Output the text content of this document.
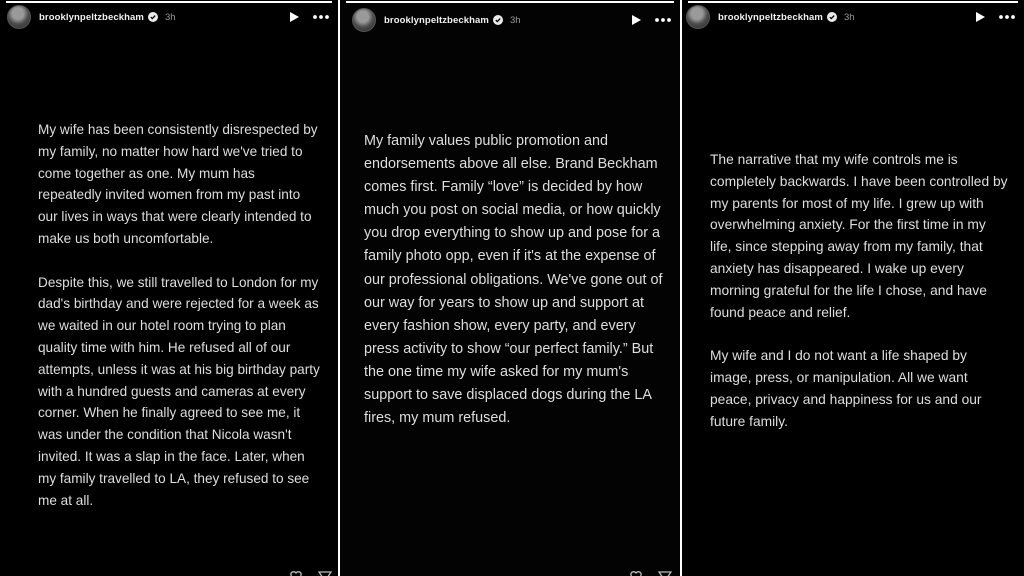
brooklynpeltzbeckham 3h

My wife has been consistently disrespected by my family, no matter how hard we've tried to come together as one. My mum has repeatedly invited women from my past into our lives in ways that were clearly intended to make us both uncomfortable.

Despite this, we still travelled to London for my dad's birthday and were rejected for a week as we waited in our hotel room trying to plan quality time with him. He refused all of our attempts, unless it was at his big birthday party with a hundred guests and cameras at every corner. When he finally agreed to see me, it was under the condition that Nicola wasn't invited. It was a slap in the face. Later, when my family travelled to LA, they refused to see me at all.

brooklynpeltzbeckham 3h

My family values public promotion and endorsements above all else. Brand Beckham comes first. Family “love” is decided by how much you post on social media, or how quickly you drop everything to show up and pose for a family photo opp, even if it's at the expense of our professional obligations. We've gone out of our way for years to show up and support at every fashion show, every party, and every press activity to show “our perfect family.” But the one time my wife asked for my mum's support to save displaced dogs during the LA fires, my mum refused.

brooklynpeltzbeckham 3h

The narrative that my wife controls me is completely backwards. I have been controlled by my parents for most of my life. I grew up with overwhelming anxiety. For the first time in my life, since stepping away from my family, that anxiety has disappeared. I wake up every morning grateful for the life I chose, and have found peace and relief.

My wife and I do not want a life shaped by image, press, or manipulation. All we want peace, privacy and happiness for us and our future family.
